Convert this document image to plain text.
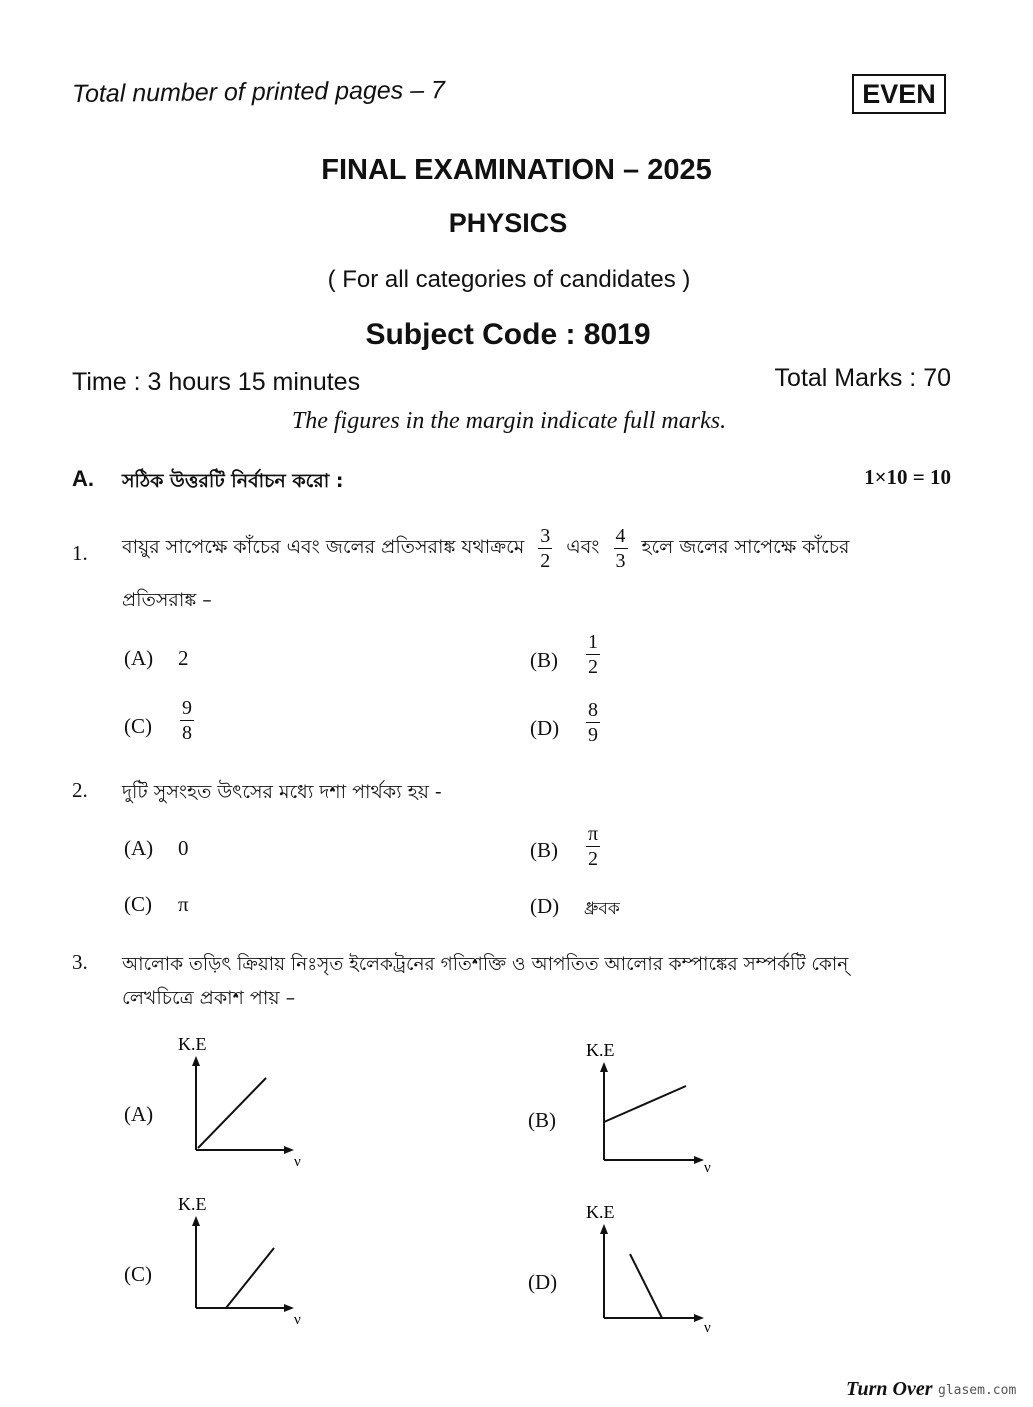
Total number of printed pages – 7	EVEN
FINAL EXAMINATION – 2025
PHYSICS
( For all categories of candidates )
Subject Code : 8019
Time : 3 hours 15 minutes	Total Marks : 70
The figures in the margin indicate full marks.
A. সঠিক উত্তরটি নির্বাচন করো :	1×10 = 10
1. বায়ুর সাপেক্ষে কাঁচের এবং জলের প্রতিসরাঙ্ক যথাক্রমে $\frac{3}{2}$ এবং $\frac{4}{3}$ হলে জলের সাপেক্ষে কাঁচের
প্রতিসরাঙ্ক –
(A) 2	$(B) \frac{1}{2}$
$(C) \frac{9}{8}$	$(D) \frac{8}{9}$
2. দুটি সুসংহত উৎসের মধ্যে দশা পার্থক্য হয় -
(A) 0	$(B) \frac{\pi}{2}$
(C) π	(D) ধ্রুবক
3. আলোক তড়িৎ ক্রিয়ায় নিঃসৃত ইলেকট্রনের গতিশক্তি ও আপতিত আলোর কম্পাঙ্কের সম্পর্কটি কোন্
লেখচিত্রে প্রকাশ পায় –
(A)	(B)
(C)	(D)
K.E
ν
K.E
ν
K.E
ν
K.E
ν
Turn Over glasem.com
